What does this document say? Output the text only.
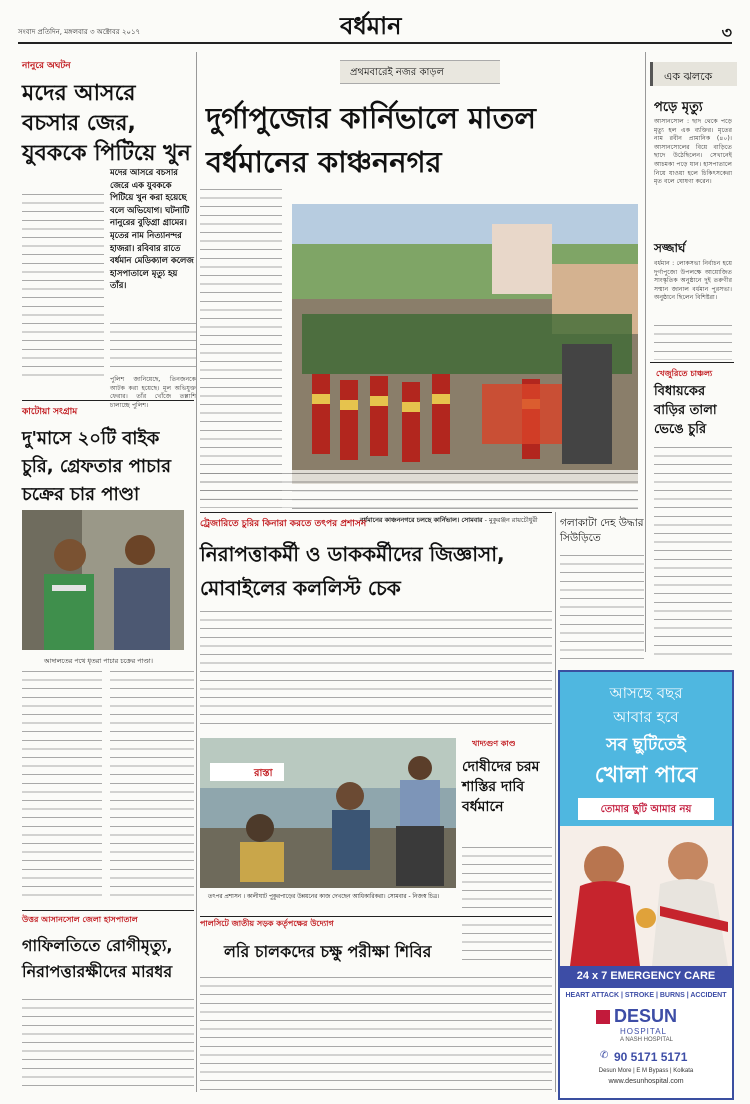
সংবাদ প্রতিদিন, মঙ্গলবার ৩ অক্টোবর ২০১৭	বর্ধমান	৩
নানুরে অঘটন
মদের আসরে বচসার জের, যুবককে পিটিয়ে খুন
মদের আসরে বচসার জেরে এক যুবককে পিটিয়ে খুন করা হয়েছে বলে অভিযোগ। ঘটনাটি নানুরের বুড়িগ্রা গ্রামের। মৃতের নাম নিত্যানন্দর হাজরা। রবিবার রাতে বর্ধমান মেডিক্যাল কলেজ হাসপাতালে মৃত্যু হয় তাঁর।
পুলিশ জানিয়েছে, তিনজনকে আটক করা হয়েছে। মূল অভিযুক্ত ফেরার। তাঁর খোঁজে তল্লাশি চালাচ্ছে পুলিশ।
প্রথমবারেই নজর কাড়ল
দুর্গাপুজোর কার্নিভালে মাতল বর্ধমানের কাঞ্চননগর
বর্ধমানের কাঞ্চননগরে চলছে কার্নিভাল। সোমবার - মুকুরঞ্জন রায়চৌধুরী
কাটোয়া সংগ্রাম
দু'মাসে ২০টি বাইক চুরি, গ্রেফতার পাচার চক্রের চার পাণ্ডা
আদালতের পথে ধৃতরা পাচার চক্রের পাণ্ডা।
ট্রেজারিতে চুরির কিনারা করতে তৎপর প্রশাসন
নিরাপত্তাকর্মী ও ডাককর্মীদের জিজ্ঞাসা, মোবাইলের কললিস্ট চেক
গলাকাটা দেহ উদ্ধার সিউড়িতে
রাস্তা
তৎপর প্রশাসন । কালীঘাট পুকুরপাড়ের উন্নয়নের কাজ দেখছেন আধিকারিকরা। সোমবার - নিজস্ব চিত্র।
খাদ্যগুণ কাণ্ড
দোষীদের চরম শাস্তির দাবি বর্ধমানে
উত্তর আসানসোল জেলা হাসপাতাল
গাফিলতিতে রোগীমৃত্যু, নিরাপত্তারক্ষীদের মারধর
পালসিটে জাতীয় সড়ক কর্তৃপক্ষের উদ্যোগ
লরি চালকদের চক্ষু পরীক্ষা শিবির
এক ঝলকে
পড়ে মৃত্যু
আসানসোল : ছাদ থেকে পড়ে মৃত্যু হল এক ব্যক্তির। মৃতের নাম রবীন প্রামানিক (৪০)। আসানসোলের বিয়ে বাড়িতে ছাদে উঠেছিলেন। সেখানেই আচমকা পড়ে যান। হাসপাতালে নিয়ে যাওয়া হলে চিকিৎসকেরা মৃত বলে ঘোষণা করেন।
সজ্জার্ঘ
বর্ধমান : লোকসভা নির্বাচন হয়ে দুর্গাপুজো উপলক্ষে আয়োজিত সাংস্কৃতিক অনুষ্ঠানে দুই তরুণীর সম্মান জানাল বর্ধমান পুরসভা। অনুষ্ঠানে ছিলেন বিশিষ্টরা।
খেজুরিতে চাঞ্চল্য
বিধায়কের বাড়ির তালা ভেঙে চুরি
আসছে বছর
আবার হবে
সব ছুটিতেই
খোলা পাবে
তোমার ছুটি আমার নয়
24 x 7 EMERGENCY CARE
HEART ATTACK | STROKE | BURNS | ACCIDENT
DESUN
HOSPITAL
A NASH HOSPITAL
✆ 90 5171 5171
Desun More | E M Bypass | Kolkata
www.desunhospital.com
